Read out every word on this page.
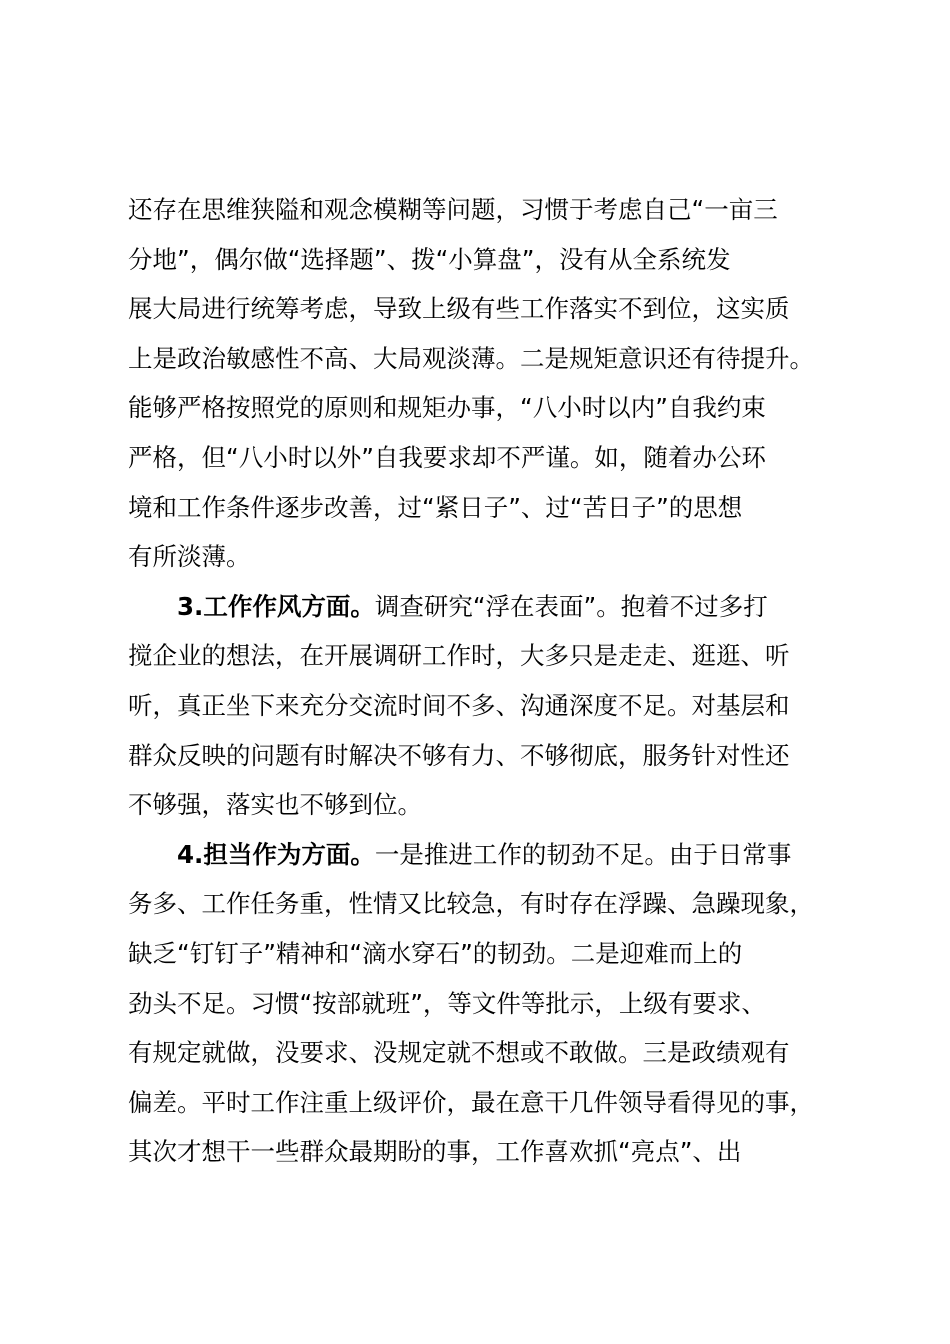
还存在思维狭隘和观念模糊等问题，习惯于考虑自己“一亩三
分地”，偶尔做“选择题”、拨“小算盘”，没有从全系统发
展大局进行统筹考虑，导致上级有些工作落实不到位，这实质
上是政治敏感性不高、大局观淡薄。二是规矩意识还有待提升。
能够严格按照党的原则和规矩办事，“八小时以内”自我约束
严格，但“八小时以外”自我要求却不严谨。如，随着办公环
境和工作条件逐步改善，过“紧日子”、过“苦日子”的思想
有所淡薄。
3.工作作风方面。调查研究“浮在表面”。抱着不过多打
搅企业的想法，在开展调研工作时，大多只是走走、逛逛、听
听，真正坐下来充分交流时间不多、沟通深度不足。对基层和
群众反映的问题有时解决不够有力、不够彻底，服务针对性还
不够强，落实也不够到位。
4.担当作为方面。一是推进工作的韧劲不足。由于日常事
务多、工作任务重，性情又比较急，有时存在浮躁、急躁现象，
缺乏“钉钉子”精神和“滴水穿石”的韧劲。二是迎难而上的
劲头不足。习惯“按部就班”，等文件等批示，上级有要求、
有规定就做，没要求、没规定就不想或不敢做。三是政绩观有
偏差。平时工作注重上级评价，最在意干几件领导看得见的事，
其次才想干一些群众最期盼的事，工作喜欢抓“亮点”、出
